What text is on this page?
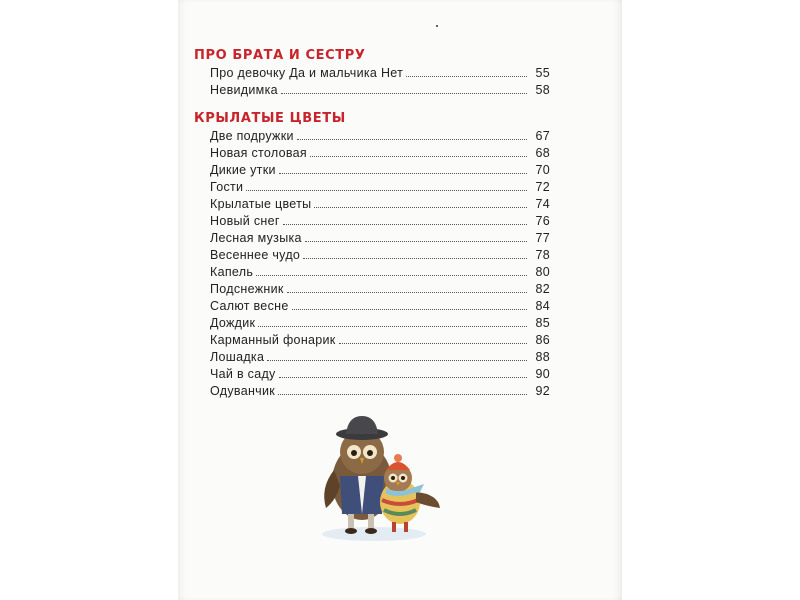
ПРО БРАТА И СЕСТРУ
Про девочку Да и мальчика Нет	55
Невидимка	58
КРЫЛАТЫЕ ЦВЕТЫ
Две подружки	67
Новая столовая	68
Дикие утки	70
Гости	72
Крылатые цветы	74
Новый снег	76
Лесная музыка	77
Весеннее чудо	78
Капель	80
Подснежник	82
Салют весне	84
Дождик	85
Карманный фонарик	86
Лошадка	88
Чай в саду	90
Одуванчик	92
